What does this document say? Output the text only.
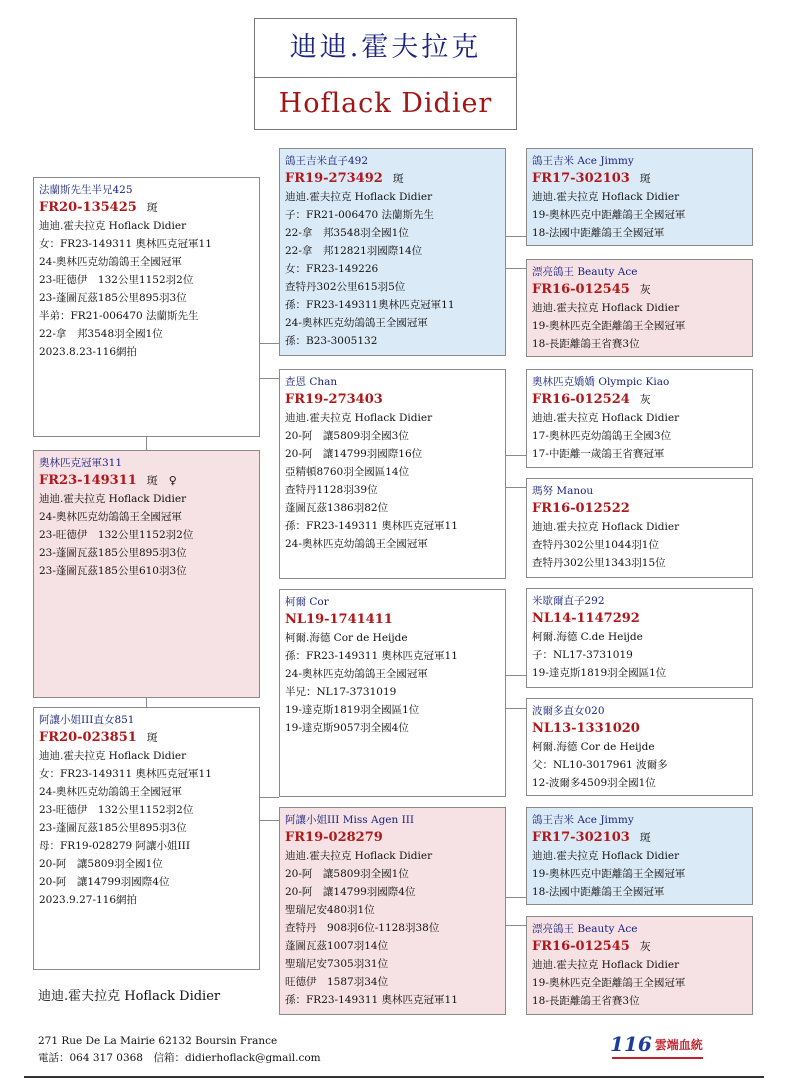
迪迪.霍夫拉克
Hoflack Didier
法蘭斯先生半兄425
FR20-135425 斑
迪迪.霍夫拉克 Hoflack Didier
女：FR23-149311 奧林匹克冠軍11
24-奧林匹克幼鴿鴿王全國冠軍
23-旺德伊　132公里1152羽2位
23-蓬圖瓦茲185公里895羽3位
半弟：FR21-006470 法蘭斯先生
22-拿　邦3548羽全國1位
2023.8.23-116網拍
奧林匹克冠軍311
FR23-149311 斑　♀
迪迪.霍夫拉克 Hoflack Didier
24-奧林匹克幼鴿鴿王全國冠軍
23-旺德伊　132公里1152羽2位
23-蓬圖瓦茲185公里895羽3位
23-蓬圖瓦茲185公里610羽3位
阿讓小姐III直女851
FR20-023851 斑
迪迪.霍夫拉克 Hoflack Didier
女：FR23-149311 奧林匹克冠軍11
24-奧林匹克幼鴿鴿王全國冠軍
23-旺德伊　132公里1152羽2位
23-蓬圖瓦茲185公里895羽3位
母：FR19-028279 阿讓小姐III
20-阿　讓5809羽全國1位
20-阿　讓14799羽國際4位
2023.9.27-116網拍
鴿王吉米直子492
FR19-273492 斑
迪迪.霍夫拉克 Hoflack Didier
子：FR21-006470 法蘭斯先生
22-拿　邦3548羽全國1位
22-拿　邦12821羽國際14位
女：FR23-149226
查特丹302公里615羽5位
孫：FR23-149311奧林匹克冠軍11
24-奧林匹克幼鴿鴿王全國冠軍
孫：B23-3005132
查恩 Chan
FR19-273403
迪迪.霍夫拉克 Hoflack Didier
20-阿　讓5809羽全國3位
20-阿　讓14799羽國際16位
亞精頓8760羽全國區14位
查特丹1128羽39位
蓬圖瓦茲1386羽82位
孫：FR23-149311 奧林匹克冠軍11
24-奧林匹克幼鴿鴿王全國冠軍
柯爾 Cor
NL19-1741411
柯爾.海德 Cor de Heijde
孫：FR23-149311 奧林匹克冠軍11
24-奧林匹克幼鴿鴿王全國冠軍
半兄：NL17-3731019
19-達克斯1819羽全國區1位
19-達克斯9057羽全國4位
阿讓小姐III Miss Agen III
FR19-028279
迪迪.霍夫拉克 Hoflack Didier
20-阿　讓5809羽全國1位
20-阿　讓14799羽國際4位
聖瑞尼安480羽1位
查特丹　908羽6位-1128羽38位
蓬圖瓦茲1007羽14位
聖瑞尼安7305羽31位
旺德伊　1587羽34位
孫：FR23-149311 奧林匹克冠軍11
鴿王吉米 Ace Jimmy
FR17-302103 斑
迪迪.霍夫拉克 Hoflack Didier
19-奧林匹克中距離鴿王全國冠軍
18-法國中距離鴿王全國冠軍
漂亮鴿王 Beauty Ace
FR16-012545 灰
迪迪.霍夫拉克 Hoflack Didier
19-奧林匹克全距離鴿王全國冠軍
18-長距離鴿王省賽3位
奧林匹克嬌嬌 Olympic Kiao
FR16-012524 灰
迪迪.霍夫拉克 Hoflack Didier
17-奧林匹克幼鴿鴿王全國3位
17-中距離一歲鴿王省賽冠軍
瑪努 Manou
FR16-012522
迪迪.霍夫拉克 Hoflack Didier
查特丹302公里1044羽1位
查特丹302公里1343羽15位
米歇爾直子292
NL14-1147292
柯爾.海德 C.de Heijde
子：NL17-3731019
19-達克斯1819羽全國區1位
波爾多直女020
NL13-1331020
柯爾.海德 Cor de Heijde
父：NL10-3017961 波爾多
12-波爾多4509羽全國1位
鴿王吉米 Ace Jimmy
FR17-302103 斑
迪迪.霍夫拉克 Hoflack Didier
19-奧林匹克中距離鴿王全國冠軍
18-法國中距離鴿王全國冠軍
漂亮鴿王 Beauty Ace
FR16-012545 灰
迪迪.霍夫拉克 Hoflack Didier
19-奧林匹克全距離鴿王全國冠軍
18-長距離鴿王省賽3位
迪迪.霍夫拉克 Hoflack Didier
271 Rue De La Mairie 62132 Boursin France
電話：064 317 0368　信箱：didierhoflack@gmail.com
116 雲端血統
